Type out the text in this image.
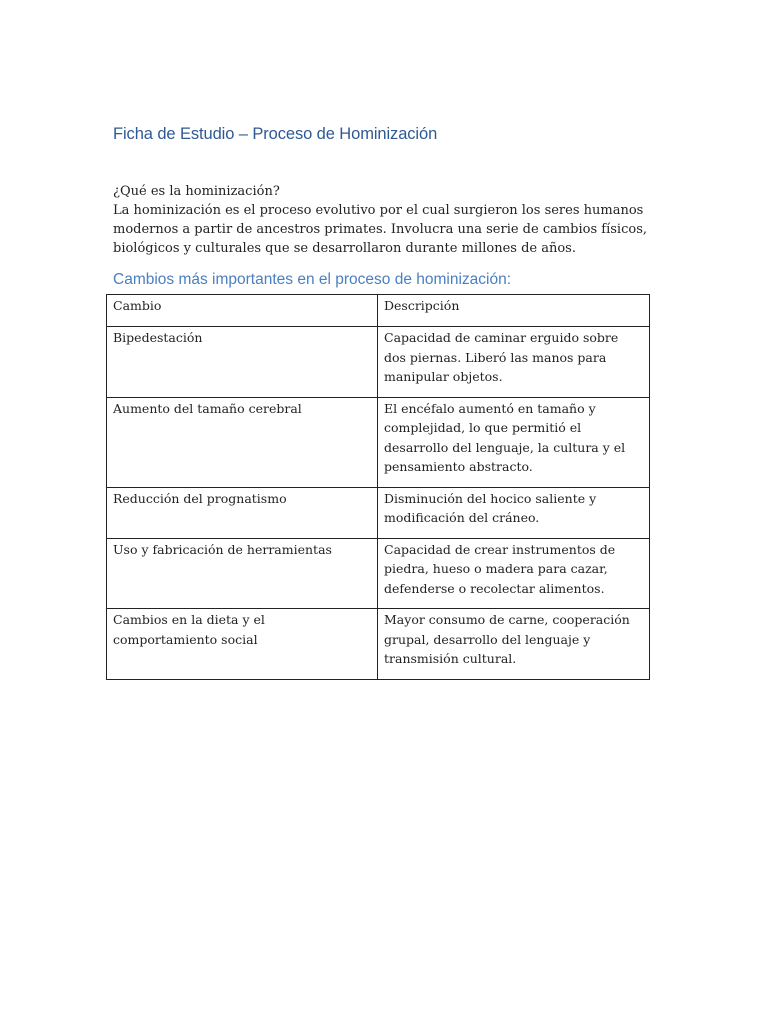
Ficha de Estudio – Proceso de Hominización

¿Qué es la hominización?

La hominización es el proceso evolutivo por el cual surgieron los seres humanos modernos a partir de ancestros primates. Involucra una serie de cambios físicos, biológicos y culturales que se desarrollaron durante millones de años.

Cambios más importantes en el proceso de hominización:
Cambio	Descripción
Bipedestación	Capacidad de caminar erguido sobre dos piernas. Liberó las manos para manipular objetos.
Aumento del tamaño cerebral	El encéfalo aumentó en tamaño y complejidad, lo que permitió el desarrollo del lenguaje, la cultura y el pensamiento abstracto.
Reducción del prognatismo	Disminución del hocico saliente y modificación del cráneo.
Uso y fabricación de herramientas	Capacidad de crear instrumentos de piedra, hueso o madera para cazar, defenderse o recolectar alimentos.
Cambios en la dieta y el comportamiento social	Mayor consumo de carne, cooperación grupal, desarrollo del lenguaje y transmisión cultural.
